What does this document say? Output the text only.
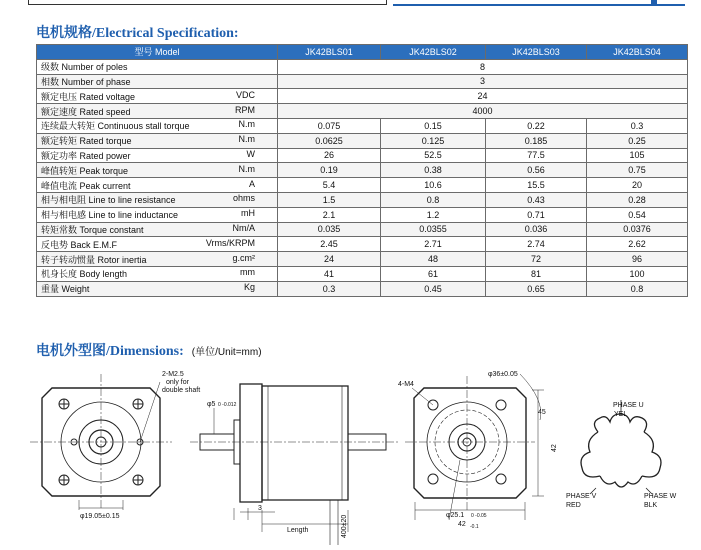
电机规格/Electrical Specification:
型号 Model	JK42BLS01	JK42BLS02	JK42BLS03	JK42BLS04

级数 Number of poles	8			

相数 Number of phase	3			

额定电压 Rated voltage VDC	24			

额定速度 Rated speed RPM	4000			

连续最大转矩 Continuous stall torque N.m	0.075	0.15	0.22	0.3

额定转矩 Rated torque N.m	0.0625	0.125	0.185	0.25

额定功率 Rated power W	26	52.5	77.5	105

峰值转矩 Peak torque N.m	0.19	0.38	0.56	0.75

峰值电流 Peak current A	5.4	10.6	15.5	20

相与相电阻 Line to line resistance ohms	1.5	0.8	0.43	0.28

相与相电感 Line to line inductance mH	2.1	1.2	0.71	0.54

转矩常数 Torque constant Nm/A	0.035	0.0355	0.036	0.0376

反电势 Back E.M.F Vrms/KRPM	2.45	2.71	2.74	2.62

转子转动惯量 Rotor inertia g.cm²	24	48	72	96

机身长度 Body length mm	41	61	81	100

重量 Weight Kg	0.3	0.45	0.65	0.8
电机外型图/Dimensions: (单位/Unit=mm)
2-M2.5
only for
double shaft
φ19.05±0.15
φ5 0 -0.012
3
Length	400±20
4-M4
φ36±0.05
45
φ25.1 0 -0.05
42 -0.1
42
PHASE U
YEL
PHASE V
RED
PHASE W
BLK
